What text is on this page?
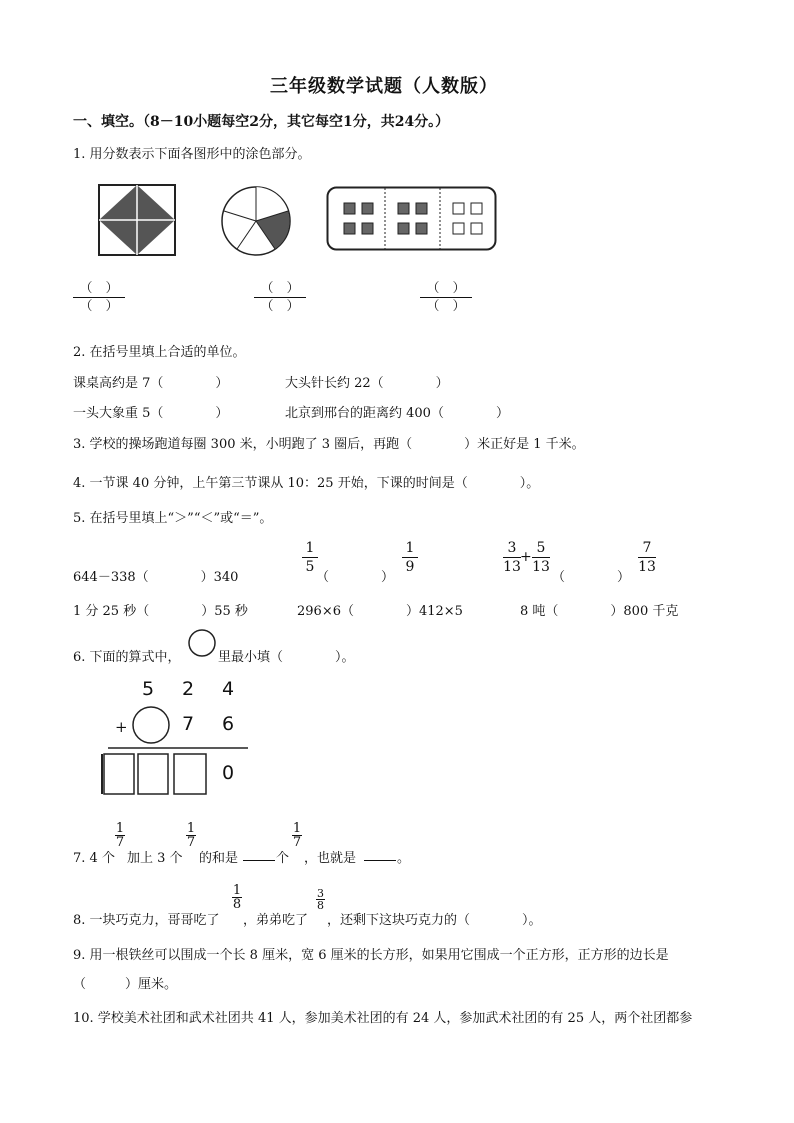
三年级数学试题（人数版）
一、填空。（8－10小题每空2分，其它每空1分，共24分。）
1. 用分数表示下面各图形中的涂色部分。
（　 ）
（　 ）
（　 ）
（　 ）
（　 ）
（　 ）
2. 在括号里填上合适的单位。
课桌高约是 7（　　　　）	大头针长约 22（　　　　）
一头大象重 5（　　　　）	北京到邢台的距离约 400（　　　　）
3. 学校的操场跑道每圈 300 米，小明跑了 3 圈后，再跑（　　　　）米正好是 1 千米。
4. 一节课 40 分钟，上午第三节课从 10：25 开始，下课的时间是（　　　　）。
5. 在括号里填上“＞”“＜”或“＝”。
644－338（　　　　）340
1
5
（　　　　）
1
9
3
13
+
5
13
（　　　　）
7
13
1 分 25 秒（　　　　）55 秒	296×6（　　　　）412×5	8 吨（　　　　）800 千克
6. 下面的算式中，	里最小填（　　　　）。
5 2 4
+	7 6
0
7. 4 个
1
7
加上 3 个
1
7
的和是	个
1
7
，也就是	。
8. 一块巧克力，哥哥吃了
1
8
，弟弟吃了
3
8
，还剩下这块巧克力的（　　　　）。
9. 用一根铁丝可以围成一个长 8 厘米，宽 6 厘米的长方形，如果用它围成一个正方形，正方形的边长是
（　　　）厘米。
10. 学校美术社团和武术社团共 41 人，参加美术社团的有 24 人，参加武术社团的有 25 人，两个社团都参
